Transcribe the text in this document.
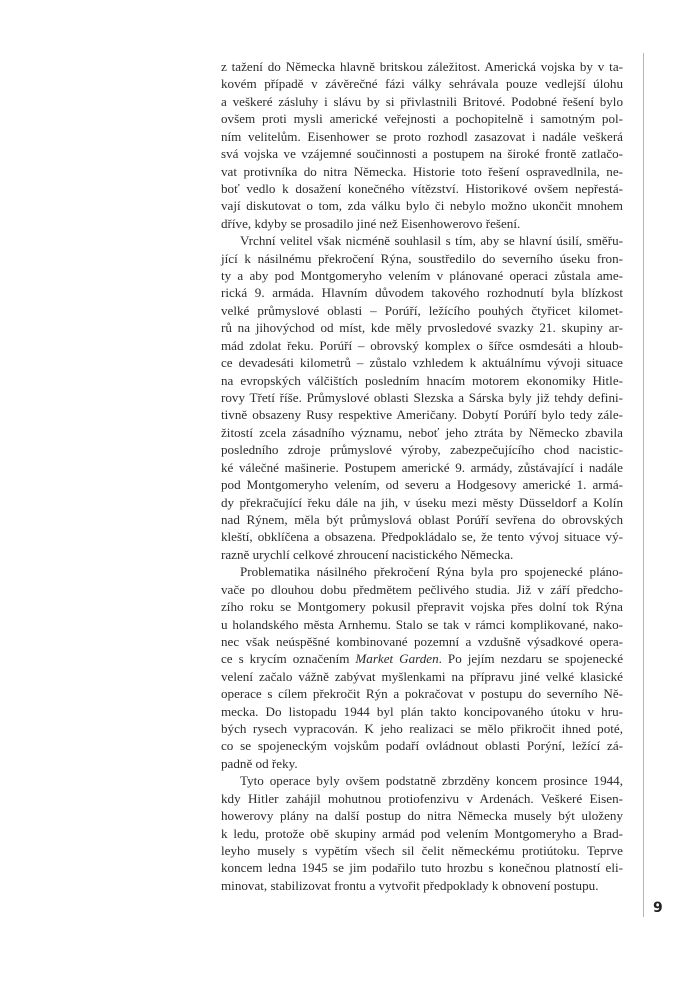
z tažení do Německa hlavně britskou záležitost. Americká vojska by v ta-
kovém případě v závěrečné fázi války sehrávala pouze vedlejší úlohu
a veškeré zásluhy i slávu by si přivlastnili Britové. Podobné řešení bylo
ovšem proti mysli americké veřejnosti a pochopitelně i samotným pol-
ním velitelům. Eisenhower se proto rozhodl zasazovat i nadále veškerá
svá vojska ve vzájemné součinnosti a postupem na široké frontě zatlačo-
vat protivníka do nitra Německa. Historie toto řešení ospravedlnila, ne-
boť vedlo k dosažení konečného vítězství. Historikové ovšem nepřestá-
vají diskutovat o tom, zda válku bylo či nebylo možno ukončit mnohem
dříve, kdyby se prosadilo jiné než Eisenhowerovo řešení.

Vrchní velitel však nicméně souhlasil s tím, aby se hlavní úsilí, směřu-
jící k násilnému překročení Rýna, soustředilo do severního úseku fron-
ty a aby pod Montgomeryho velením v plánované operaci zůstala ame-
rická 9. armáda. Hlavním důvodem takového rozhodnutí byla blízkost
velké průmyslové oblasti – Porúří, ležícího pouhých čtyřicet kilomet-
rů na jihovýchod od míst, kde měly prvosledové svazky 21. skupiny ar-
mád zdolat řeku. Porúří – obrovský komplex o šířce osmdesáti a hloub-
ce devadesáti kilometrů – zůstalo vzhledem k aktuálnímu vývoji situace
na evropských válčištích posledním hnacím motorem ekonomiky Hitle-
rovy Třetí říše. Průmyslové oblasti Slezska a Sárska byly již tehdy defini-
tivně obsazeny Rusy respektive Američany. Dobytí Porúří bylo tedy zále-
žitostí zcela zásadního významu, neboť jeho ztráta by Německo zbavila
posledního zdroje průmyslové výroby, zabezpečujícího chod nacistic-
ké válečné mašinerie. Postupem americké 9. armády, zůstávající i nadále
pod Montgomeryho velením, od severu a Hodgesovy americké 1. armá-
dy překračující řeku dále na jih, v úseku mezi městy Düsseldorf a Kolín
nad Rýnem, měla být průmyslová oblast Porúří sevřena do obrovských
kleští, obklíčena a obsazena. Předpokládalo se, že tento vývoj situace vý-
razně urychlí celkové zhroucení nacistického Německa.

Problematika násilného překročení Rýna byla pro spojenecké pláno-
vače po dlouhou dobu předmětem pečlivého studia. Již v září předcho-
zího roku se Montgomery pokusil přepravit vojska přes dolní tok Rýna
u holandského města Arnhemu. Stalo se tak v rámci komplikované, nako-
nec však neúspěšné kombinované pozemní a vzdušně výsadkové opera-
ce s krycím označením Market Garden. Po jejím nezdaru se spojenecké
velení začalo vážně zabývat myšlenkami na přípravu jiné velké klasické
operace s cílem překročit Rýn a pokračovat v postupu do severního Ně-
mecka. Do listopadu 1944 byl plán takto koncipovaného útoku v hru-
bých rysech vypracován. K jeho realizaci se mělo přikročit ihned poté,
co se spojeneckým vojskům podaří ovládnout oblasti Porýní, ležící zá-
padně od řeky.

Tyto operace byly ovšem podstatně zbrzděny koncem prosince 1944,
kdy Hitler zahájil mohutnou protiofenzivu v Ardenách. Veškeré Eisen-
howerovy plány na další postup do nitra Německa musely být uloženy
k ledu, protože obě skupiny armád pod velením Montgomeryho a Brad-
leyho musely s vypětím všech sil čelit německému protiútoku. Teprve
koncem ledna 1945 se jim podařilo tuto hrozbu s konečnou platností eli-
minovat, stabilizovat frontu a vytvořit předpoklady k obnovení postupu.

9
